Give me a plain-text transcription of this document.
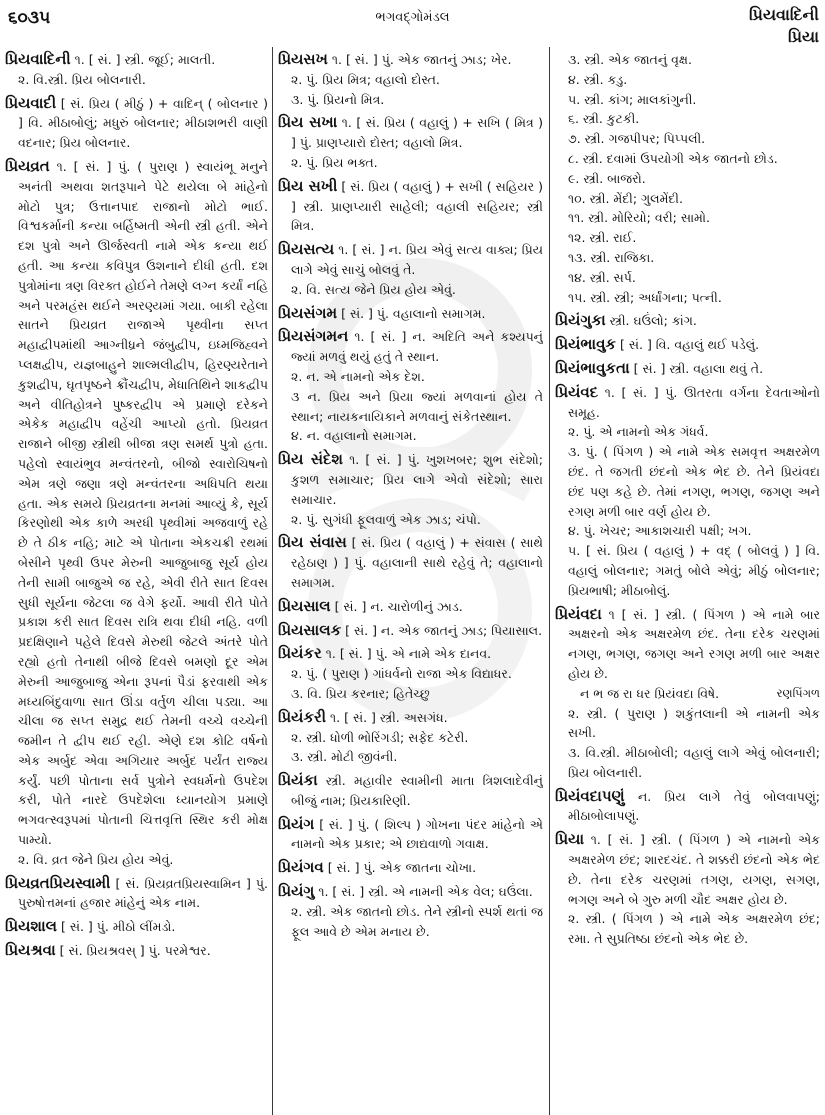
૬૦૩૫	ભગવદ્ગોમંડલ	પ્રિયવાદિની
પ્રિયા
પ્રિયવાદિની ૧. [ સં. ] સ્ત્રી. જૂઈ; માલતી.
૨. વિ.સ્ત્રી. પ્રિય બોલનારી.
પ્રિયવાદી [ સં. પ્રિય ( મીઠું ) + વાદિન્ ( બોલનાર ) ] વિ. મીઠાબોલું; મધુરું બોલનાર; મીઠાશભરી વાણી વદનાર; પ્રિય બોલનાર.
પ્રિયવ્રત ૧. [ સં. ] પું. ( પુરાણ ) સ્વાયંભૂ મનુને અનંતી અથવા શતરૂપાને પેટે થયેલા બે માંહેનો મોટો પુત્ર; ઉત્તાનપાદ રાજાનો મોટો ભાઈ. વિશ્વકર્માની કન્યા બર્હિષ્મતી એની સ્ત્રી હતી. એને દશ પુત્રો અને ઊર્જસ્વતી નામે એક કન્યા થઈ હતી. આ કન્યા કવિપુત્ર ઉશનાને દીધી હતી. દશ પુત્રોમાંના ત્રણ વિરક્ત હોઈને તેમણે લગ્ન કર્યાં નહિ અને પરમહંસ થઈને અરણ્યમાં ગયા. બાકી રહેલા સાતને પ્રિયવ્રત રાજાએ પૃથ્વીના સપ્ત મહાદ્વીપમાંથી આગ્નીધ્રને જંબુદ્વીપ, ઇધ્મજિહ્વને પ્લક્ષદ્વીપ, યજ્ઞબાહુને શાલ્મલીદ્વીપ, હિરણ્યરેતાને કુશદ્વીપ, ઘૃતપૃષ્ઠને ક્રૌંચદ્વીપ, મેધાતિથિને શાકદ્વીપ અને વીતિહોત્રને પુષ્કરદ્વીપ એ પ્રમાણે દરેકને એકેક મહાદ્વીપ વહેંચી આપ્યો હતો. પ્રિયવ્રત રાજાને બીજી સ્ત્રીથી બીજા ત્રણ સમર્થ પુત્રો હતા. પહેલો સ્વાયંભુવ મન્વંતરનો, બીજો સ્વારોચિષનો એમ ત્રણે જણા ત્રણે મન્વંતરના અધિપતિ થયા હતા. એક સમયે પ્રિયવ્રતના મનમાં આવ્યું કે, સૂર્ય કિરણોથી એક કાળે અરધી પૃથ્વીમાં અજવાળું રહે છે તે ઠીક નહિ; માટે એ પોતાના એકચક્રી રથમાં બેસીને પૃથ્વી ઉપર મેરુની આજુબાજુ સૂર્ય હોય તેની સામી બાજુએ જ રહે, એવી રીતે સાત દિવસ સુધી સૂર્યના જેટલા જ વેગે ફર્યો. આવી રીતે પોતે પ્રકાશ કરી સાત દિવસ રાત્રિ થવા દીધી નહિ. વળી પ્રદક્ષિણાને પહેલે દિવસે મેરુથી જેટલે અંતરે પોતે રહ્યો હતો તેનાથી બીજે દિવસે બમણો દૂર એમ મેરુની આજુબાજુ એના રૂપનાં પૈડાં ફરવાથી એક મધ્યબિંદુવાળા સાત ઊંડા વર્તુળ ચીલા પડ્યા. આ ચીલા જ સપ્ત સમુદ્ર થઈ તેમની વચ્ચે વચ્ચેની જમીન તે દ્વીપ થઈ રહી. એણે દશ કોટિ વર્ષનો એક અર્બુદ એવા અગિયાર અર્બુદ પર્યંત રાજ્ય કર્યું. પછી પોતાના સર્વ પુત્રોને સ્વધર્મનો ઉપદેશ કરી, પોતે નારદે ઉપદેશેલા ધ્યાનયોગ પ્રમાણે ભગવત્સ્વરૂપમાં પોતાની ચિત્તવૃત્તિ સ્થિર કરી મોક્ષ પામ્યો.
૨. વિ. વ્રત જેને પ્રિય હોય એવું.
પ્રિયવ્રતપ્રિયસ્વામી [ સં. પ્રિયવ્રતપ્રિયસ્વામિન ] પું. પુરુષોત્તમનાં હજાર માંહેનું એક નામ.
પ્રિયશાલ [ સં. ] પું. મીઠો લીંમડો.
પ્રિયશ્રવા [ સં. પ્રિયશ્રવસ્ ] પું. પરમેશ્વર.
પ્રિયસખ ૧. [ સં. ] પું. એક જાતનું ઝાડ; ખેર.
૨. પું. પ્રિય મિત્ર; વહાલો દોસ્ત.
૩. પું. પ્રિયનો મિત્ર.
પ્રિય સખા ૧. [ સં. પ્રિય ( વહાલું ) + સખિ ( મિત્ર ) ] પું. પ્રાણપ્યારો દોસ્ત; વહાલો મિત્ર.
૨. પું. પ્રિય ભક્ત.
પ્રિય સખી [ સં. પ્રિય ( વહાલું ) + સખી ( સહિયર ) ] સ્ત્રી. પ્રાણપ્યારી સાહેલી; વહાલી સહિયર; સ્ત્રી મિત્ર.
પ્રિયસત્ય ૧. [ સં. ] ન. પ્રિય એવું સત્ય વાક્ય; પ્રિય લાગે એવું સાચું બોલવું તે.
૨. વિ. સત્ય જેને પ્રિય હોય એવું.
પ્રિયસંગમ [ સં. ] પું. વહાલાનો સમાગમ.
પ્રિયસંગમન ૧. [ સં. ] ન. અદિતિ અને કશ્યપનું જ્યાં મળવું થયું હતું તે સ્થાન.
૨. ન. એ નામનો એક દેશ.
૩ ન. પ્રિય અને પ્રિયા જ્યાં મળવાનાં હોય તે સ્થાન; નાયકનાયિકાને મળવાનું સંકેતસ્થાન.
૪. ન. વહાલાનો સમાગમ.
પ્રિય સંદેશ ૧. [ સં. ] પું. ખુશખબર; શુભ સંદેશો; કુશળ સમાચાર; પ્રિય લાગે એવો સંદેશો; સારા સમાચાર.
૨. પું. સુગંધી ફૂલવાળું એક ઝાડ; ચંપો.
પ્રિય સંવાસ [ સં. પ્રિય ( વહાલું ) + સંવાસ ( સાથે રહેઠાણ ) ] પું. વહાલાની સાથે રહેવું તે; વહાલાનો સમાગમ.
પ્રિયસાલ [ સં. ] ન. ચારોળીનું ઝાડ.
પ્રિયસાલક [ સં. ] ન. એક જાતનું ઝાડ; પિયાસાલ.
પ્રિયંકર ૧. [ સં. ] પું. એ નામે એક દાનવ.
૨. પું. ( પુરાણ ) ગાંધર્વનો રાજા એક વિદ્યાધર.
૩. વિ. પ્રિય કરનાર; હિતેચ્છુ
પ્રિયંકરી ૧. [ સં. ] સ્ત્રી. અસગંધ.
૨. સ્ત્રી. ધોળી ભોરિંગડી; સફેદ કટેરી.
૩. સ્ત્રી. મોટી જીવંની.
પ્રિયંકા સ્ત્રી. મહાવીર સ્વામીની માતા ત્રિશલાદેવીનું બીજું નામ; પ્રિયકારિણી.
પ્રિયંગ [ સં. ] પું. ( શિલ્પ ) ગોખના પંદર માંહેનો એ નામનો એક પ્રકાર; એ છાદ્યવાળો ગવાક્ષ.
પ્રિયંગવ [ સં. ] પું. એક જાતના ચોખા.
પ્રિયંગુ ૧. [ સં. ] સ્ત્રી. એ નામની એક વેલ; ઘઉંલા.
૨. સ્ત્રી. એક જાતનો છોડ. તેને સ્ત્રીનો સ્પર્શ થતાં જ ફૂલ આવે છે એમ મનાય છે.
૩. સ્ત્રી. એક જાતનું વૃક્ષ.
૪. સ્ત્રી. કડુ.
૫. સ્ત્રી. કાંગ; માલકાંગુની.
૬. સ્ત્રી. કુટકી.
૭. સ્ત્રી. ગજપીપર; પિપ્પલી.
૮. સ્ત્રી. દવામાં ઉપયોગી એક જાતનો છોડ.
૯. સ્ત્રી. બાજરો.
૧૦. સ્ત્રી. મેંદી; ગુલમેંદી.
૧૧. સ્ત્રી. મોરિયો; વરી; સામો.
૧૨. સ્ત્રી. રાઈ.
૧૩. સ્ત્રી. રાજિકા.
૧૪. સ્ત્રી. સર્પ.
૧૫. સ્ત્રી. સ્ત્રી; અર્ધાંગના; પત્ની.
પ્રિયંગુકા સ્ત્રી. ઘઉંલો; કાંગ.
પ્રિયંભાવુક [ સં. ] વિ. વહાલું થઈ પડેલું.
પ્રિયંભાવુકતા [ સં. ] સ્ત્રી. વહાલા થવું તે.
પ્રિયંવદ ૧. [ સં. ] પું. ઊતરતા વર્ગના દેવતાઓનો સમૂહ.
૨. પું. એ નામનો એક ગંધર્વ.
૩. પું. ( પિંગળ ) એ નામે એક સમવૃત્ત અક્ષરમેળ છંદ. તે જગતી છંદનો એક ભેદ છે. તેને પ્રિયંવદા છંદ પણ કહે છે. તેમાં નગણ, ભગણ, જગણ અને રગણ મળી બાર વર્ણ હોય છે.
૪. પું. ખેચર; આકાશચારી પક્ષી; ખગ.
૫. [ સં. પ્રિય ( વહાલું ) + વદ્ ( બોલવું ) ] વિ. વહાલું બોલનાર; ગમતું બોલે એવું; મીઠું બોલનાર; પ્રિયભાષી; મીઠાબોલું.
પ્રિયંવદા ૧ [ સં. ] સ્ત્રી. ( પિંગળ ) એ નામે બાર અક્ષરનો એક અક્ષરમેળ છંદ. તેના દરેક ચરણમાં નગણ, ભગણ, જગણ અને રગણ મળી બાર અક્ષર હોય છે.
ન ભ જ રા ધર પ્રિયંવદા વિષે.	રણપિંગળ
૨. સ્ત્રી. ( પુરાણ ) શકુંતલાની એ નામની એક સખી.
૩. વિ.સ્ત્રી. મીઠાબોલી; વહાલું લાગે એવું બોલનારી; પ્રિય બોલનારી.
પ્રિયંવદાપણું ન. પ્રિય લાગે તેવું બોલવાપણું; મીઠાબોલાપણું.
પ્રિયા ૧. [ સં. ] સ્ત્રી. ( પિંગળ ) એ નામનો એક અક્ષરમેળ છંદ; શારદચંદ. તે શક્કરી છંદનો એક ભેદ છે. તેના દરેક ચરણમાં તગણ, યગણ, સગણ, ભગણ અને બે ગુરુ મળી ચૌદ અક્ષર હોય છે.
૨. સ્ત્રી. ( પિંગળ ) એ નામે એક અક્ષરમેળ છંદ; રમા. તે સુપ્રતિષ્ઠા છંદનો એક ભેદ છે.
